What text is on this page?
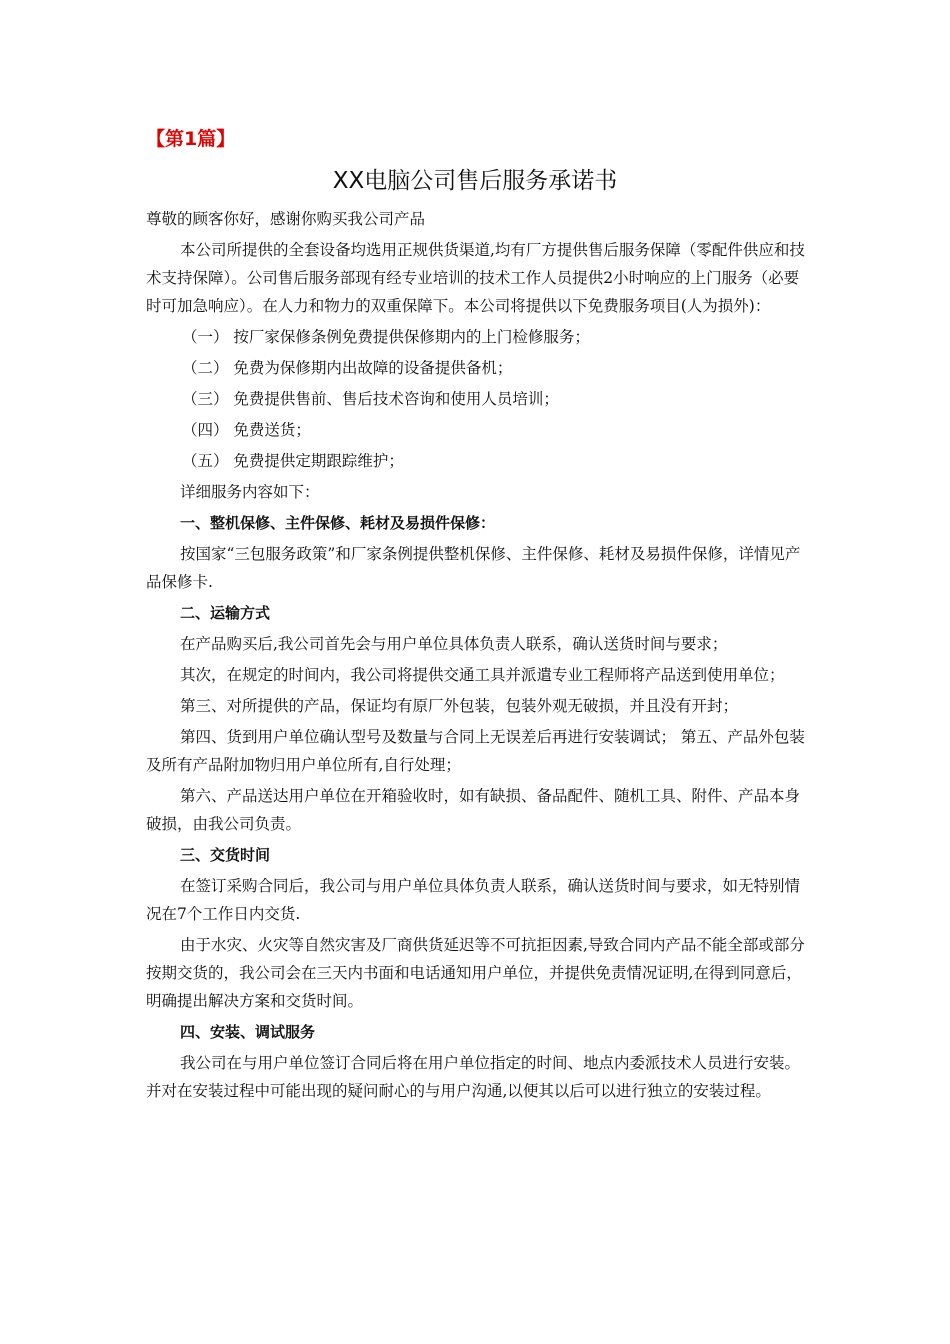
【第1篇】
XX电脑公司售后服务承诺书

尊敬的顾客你好，感谢你购买我公司产品

本公司所提供的全套设备均选用正规供货渠道,均有厂方提供售后服务保障（零配件供应和技术支持保障）。公司售后服务部现有经专业培训的技术工作人员提供2小时响应的上门服务（必要时可加急响应）。在人力和物力的双重保障下。本公司将提供以下免费服务项目(人为损外)：

（一） 按厂家保修条例免费提供保修期内的上门检修服务；

（二） 免费为保修期内出故障的设备提供备机；

（三） 免费提供售前、售后技术咨询和使用人员培训；

（四） 免费送货；

（五） 免费提供定期跟踪维护；

详细服务内容如下：

一、整机保修、主件保修、耗材及易损件保修：

按国家“三包服务政策”和厂家条例提供整机保修、主件保修、耗材及易损件保修，详情见产品保修卡.

二、运输方式

在产品购买后,我公司首先会与用户单位具体负责人联系，确认送货时间与要求；

其次，在规定的时间内，我公司将提供交通工具并派遣专业工程师将产品送到使用单位；

第三、对所提供的产品，保证均有原厂外包装，包装外观无破损，并且没有开封；

第四、货到用户单位确认型号及数量与合同上无误差后再进行安装调试； 第五、产品外包装及所有产品附加物归用户单位所有,自行处理；

第六、产品送达用户单位在开箱验收时，如有缺损、备品配件、随机工具、附件、产品本身破损，由我公司负责。

三、交货时间

在签订采购合同后，我公司与用户单位具体负责人联系，确认送货时间与要求，如无特别情况在7个工作日内交货.

由于水灾、火灾等自然灾害及厂商供货延迟等不可抗拒因素,导致合同内产品不能全部或部分按期交货的，我公司会在三天内书面和电话通知用户单位，并提供免责情况证明,在得到同意后，明确提出解决方案和交货时间。

四、安装、调试服务

我公司在与用户单位签订合同后将在用户单位指定的时间、地点内委派技术人员进行安装。并对在安装过程中可能出现的疑问耐心的与用户沟通,以便其以后可以进行独立的安装过程。
